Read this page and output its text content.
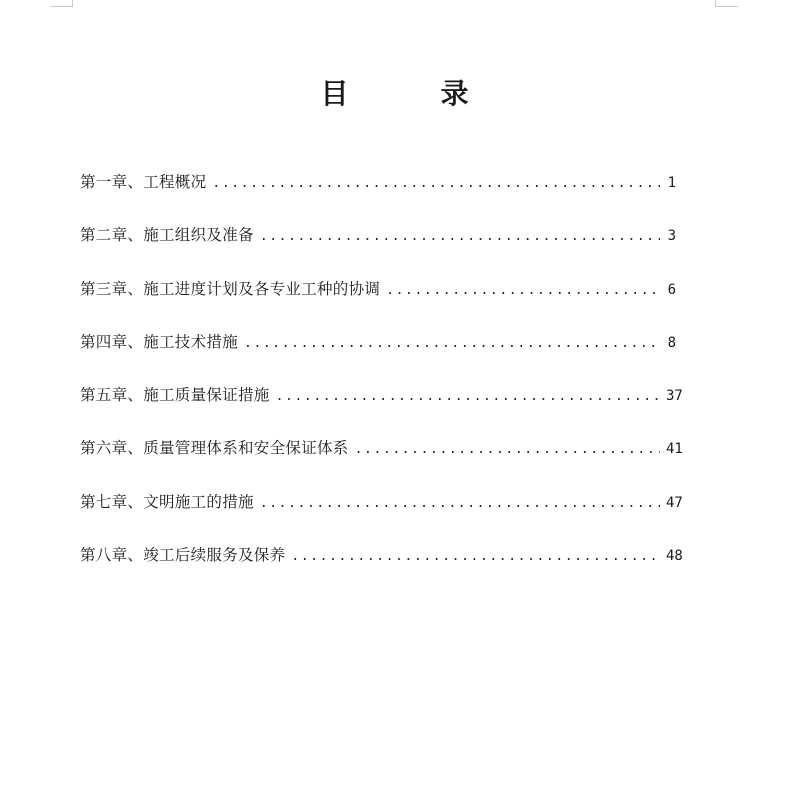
目	录
第一章、工程概况 .....	1
第二章、施工组织及准备 .....	3
第三章、施工进度计划及各专业工种的协调 .....	6
第四章、施工技术措施 .....	8
第五章、施工质量保证措施 .....	37
第六章、质量管理体系和安全保证体系 .....	41
第七章、文明施工的措施 .....	47
第八章、竣工后续服务及保养 .....	48
